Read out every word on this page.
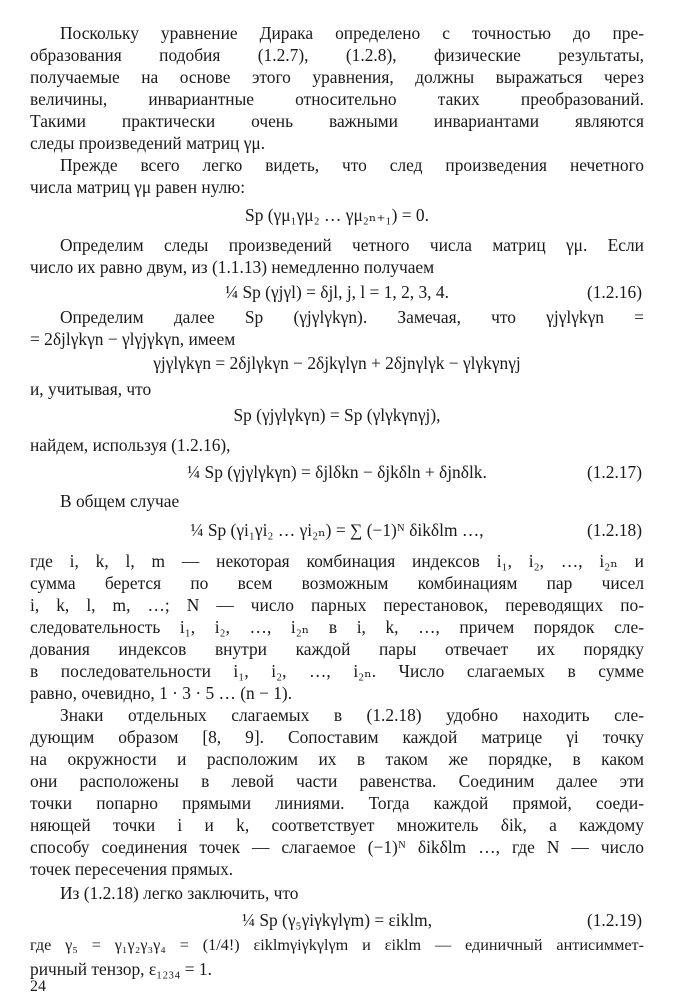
Поскольку уравнение Дирака определено с точностью до пре-
образования подобия (1.2.7), (1.2.8), физические результаты,
получаемые на основе этого уравнения, должны выражаться через
величины, инвариантные относительно таких преобразований.
Такими практически очень важными инвариантами являются
следы произведений матриц γμ.
Прежде всего легко видеть, что след произведения нечетного
числа матриц γμ равен нулю:
Sp (γμ₁γμ₂ … γμ₂ₙ₊₁) = 0.
Определим следы произведений четного числа матриц γμ. Если
число их равно двум, из (1.1.13) немедленно получаем
¼ Sp (γjγl) = δjl, j, l = 1, 2, 3, 4.	(1.2.16)
Определим далее Sp (γjγlγkγn). Замечая, что γjγlγkγn =
= 2δjlγkγn − γlγjγkγn, имеем
γjγlγkγn = 2δjlγkγn − 2δjkγlγn + 2δjnγlγk − γlγkγnγj
и, учитывая, что
Sp (γjγlγkγn) = Sp (γlγkγnγj),
найдем, используя (1.2.16),
¼ Sp (γjγlγkγn) = δjlδkn − δjkδln + δjnδlk.	(1.2.17)
В общем случае
¼ Sp (γi₁γi₂ … γi₂ₙ) = ∑ (−1)ᴺ δikδlm …,	(1.2.18)
где i, k, l, m — некоторая комбинация индексов i₁, i₂, …, i₂ₙ и
сумма берется по всем возможным комбинациям пар чисел
i, k, l, m, …; N — число парных перестановок, переводящих по-
следовательность i₁, i₂, …, i₂ₙ в i, k, …, причем порядок сле-
дования индексов внутри каждой пары отвечает их порядку
в последовательности i₁, i₂, …, i₂ₙ. Число слагаемых в сумме
равно, очевидно, 1 · 3 · 5 … (n − 1).
Знаки отдельных слагаемых в (1.2.18) удобно находить сле-
дующим образом [8, 9]. Сопоставим каждой матрице γi точку
на окружности и расположим их в таком же порядке, в каком
они расположены в левой части равенства. Соединим далее эти
точки попарно прямыми линиями. Тогда каждой прямой, соеди-
няющей точки i и k, соответствует множитель δik, а каждому
способу соединения точек — слагаемое (−1)ᴺ δikδlm …, где N — число
точек пересечения прямых.
Из (1.2.18) легко заключить, что
¼ Sp (γ₅γiγkγlγm) = εiklm,	(1.2.19)
где γ₅ = γ₁γ₂γ₃γ₄ = (1/4!) εiklmγiγkγlγm и εiklm — единичный антисиммет-
ричный тензор, ε₁₂₃₄ = 1.
24
